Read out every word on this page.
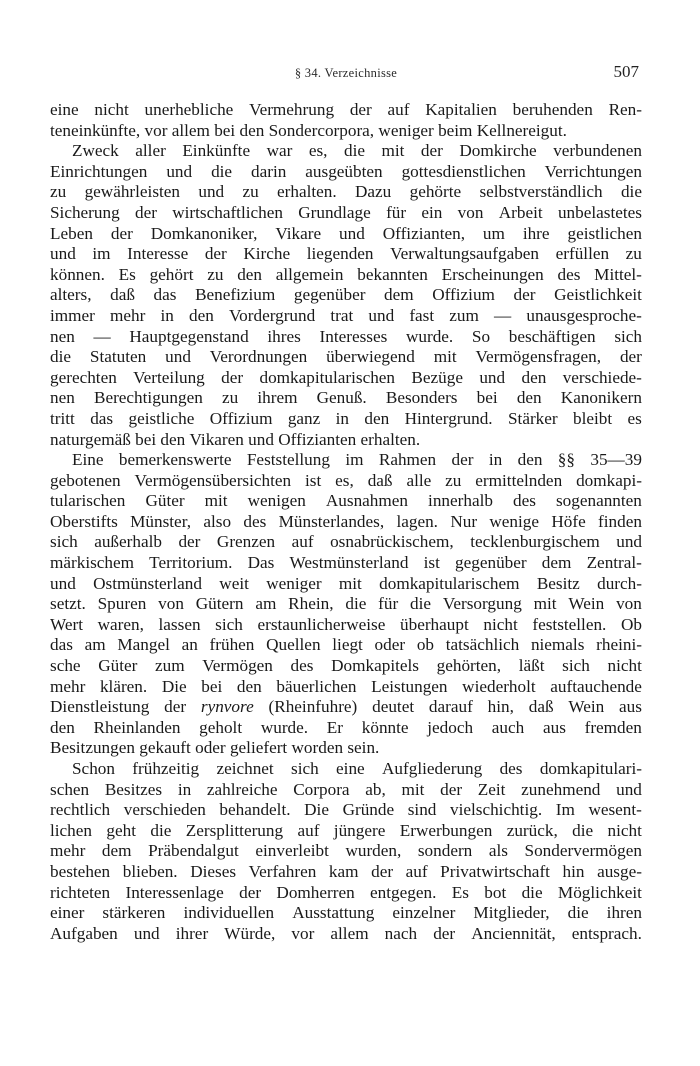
§ 34. Verzeichnisse	507
eine nicht unerhebliche Vermehrung der auf Kapitalien beruhenden Ren-
teneinkünfte, vor allem bei den Sondercorpora, weniger beim Kellnereigut.
Zweck aller Einkünfte war es, die mit der Domkirche verbundenen
Einrichtungen und die darin ausgeübten gottesdienstlichen Verrichtungen
zu gewährleisten und zu erhalten. Dazu gehörte selbstverständlich die
Sicherung der wirtschaftlichen Grundlage für ein von Arbeit unbelastetes
Leben der Domkanoniker, Vikare und Offizianten, um ihre geistlichen
und im Interesse der Kirche liegenden Verwaltungsaufgaben erfüllen zu
können. Es gehört zu den allgemein bekannten Erscheinungen des Mittel-
alters, daß das Benefizium gegenüber dem Offizium der Geistlichkeit
immer mehr in den Vordergrund trat und fast zum — unausgesproche-
nen — Hauptgegenstand ihres Interesses wurde. So beschäftigen sich
die Statuten und Verordnungen überwiegend mit Vermögensfragen, der
gerechten Verteilung der domkapitularischen Bezüge und den verschiede-
nen Berechtigungen zu ihrem Genuß. Besonders bei den Kanonikern
tritt das geistliche Offizium ganz in den Hintergrund. Stärker bleibt es
naturgemäß bei den Vikaren und Offizianten erhalten.
Eine bemerkenswerte Feststellung im Rahmen der in den §§ 35—39
gebotenen Vermögensübersichten ist es, daß alle zu ermittelnden domkapi-
tularischen Güter mit wenigen Ausnahmen innerhalb des sogenannten
Oberstifts Münster, also des Münsterlandes, lagen. Nur wenige Höfe finden
sich außerhalb der Grenzen auf osnabrückischem, tecklenburgischem und
märkischem Territorium. Das Westmünsterland ist gegenüber dem Zentral-
und Ostmünsterland weit weniger mit domkapitularischem Besitz durch-
setzt. Spuren von Gütern am Rhein, die für die Versorgung mit Wein von
Wert waren, lassen sich erstaunlicherweise überhaupt nicht feststellen. Ob
das am Mangel an frühen Quellen liegt oder ob tatsächlich niemals rheini-
sche Güter zum Vermögen des Domkapitels gehörten, läßt sich nicht
mehr klären. Die bei den bäuerlichen Leistungen wiederholt auftauchende
Dienstleistung der rynvore (Rheinfuhre) deutet darauf hin, daß Wein aus
den Rheinlanden geholt wurde. Er könnte jedoch auch aus fremden
Besitzungen gekauft oder geliefert worden sein.
Schon frühzeitig zeichnet sich eine Aufgliederung des domkapitulari-
schen Besitzes in zahlreiche Corpora ab, mit der Zeit zunehmend und
rechtlich verschieden behandelt. Die Gründe sind vielschichtig. Im wesent-
lichen geht die Zersplitterung auf jüngere Erwerbungen zurück, die nicht
mehr dem Präbendalgut einverleibt wurden, sondern als Sondervermögen
bestehen blieben. Dieses Verfahren kam der auf Privatwirtschaft hin ausge-
richteten Interessenlage der Domherren entgegen. Es bot die Möglichkeit
einer stärkeren individuellen Ausstattung einzelner Mitglieder, die ihren
Aufgaben und ihrer Würde, vor allem nach der Anciennität, entsprach.
